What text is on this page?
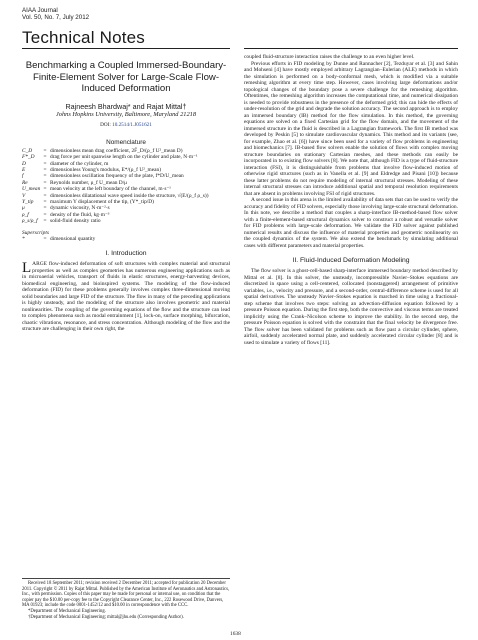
AIAA Journal
Vol. 50, No. 7, July 2012
Technical Notes
Benchmarking a Coupled Immersed-Boundary-Finite-Element Solver for Large-Scale Flow-Induced Deformation
Rajneesh Bhardwaj* and Rajat Mittal†
Johns Hopkins University, Baltimore, Maryland 21218
DOI: 10.2514/1.J051621
Nomenclature
C_D	= dimensionless mean drag coefficient, 2F̄_D/(ρ_f U²_mean D)
F*_D	= drag force per unit spanwise length on the cylinder and plate, N·m⁻¹
D	= diameter of the cylinder, m
E	= dimensionless Young's modulus, E*/(ρ_f U²_mean)
f	= dimensionless oscillation frequency of the plate, f*D/U_mean
Re	= Reynolds number, ρ_f U_mean D/μ
U_mean = mean velocity at the left boundary of the channel, m·s⁻¹
V	= dimensionless dilatational wave speed inside the structure, √(E/(ρ_f ρ_s))
Y_tip	= maximum Y displacement of the tip, (Y*_tip/D)
μ	= dynamic viscosity, N·m⁻²·s
ρ_f	= density of the fluid, kg·m⁻³
ρ_s/ρ_f	= solid-fluid density ratio
Superscripts
*	= dimensional quantity
I. Introduction

LARGE flow-induced deformation of soft structures with complex material and structural properties as well as complex geometries has numerous engineering applications such as in microaerial vehicles, transport of fluids in elastic structures, energy-harvesting devices, biomedical engineering, and bioinspired systems. The modeling of the flow-induced deformation (FID) for these problems generally involves complex three-dimensional moving solid boundaries and large FID of the structure. The flow in many of the preceding applications is highly unsteady, and the modeling of the structure also involves geometric and material nonlinearities. The coupling of the governing equations of the flow and the structure can lead to complex phenomena such as modal entrainment [1], lock-on, surface morphing, bifurcation, chaotic vibrations, resonance, and stress concentration. Although modeling of the flow and the structure are challenging in their own right, the

Received 18 September 2011; revision received 2 December 2011; accepted for publication 20 December 2011. Copyright © 2011 by Rajat Mittal. Published by the American Institute of Aeronautics and Astronautics, Inc., with permission. Copies of this paper may be made for personal or internal use, on condition that the copier pay the $10.00 per-copy fee to the Copyright Clearance Center, Inc., 222 Rosewood Drive, Danvers, MA 01923; include the code 0001-1452/12 and $10.00 in correspondence with the CCC.
*Department of Mechanical Engineering.
†Department of Mechanical Engineering; mittal@jhu.edu (Corresponding Author).

coupled fluid-structure interaction raises the challenge to an even higher level.

Previous efforts in FID modeling by Dunne and Rannacher [2], Tezduyar et al. [3] and Sahin and Mohseni [4] have mostly employed arbitrary Lagrangian–Eulerian (ALE) methods in which the simulation is performed on a body-conformal mesh, which is modified via a suitable remeshing algorithm at every time step. However, cases involving large deformations and/or topological changes of the boundary pose a severe challenge for the remeshing algorithm. Oftentimes, the remeshing algorithm increases the computational time, and numerical dissipation is needed to provide robustness in the presence of the deformed grid; this can hide the effects of under-resolution of the grid and degrade the solution accuracy. The second approach is to employ an immersed boundary (IB) method for the flow simulation. In this method, the governing equations are solved on a fixed Cartesian grid for the flow domain, and the movement of the immersed structure in the fluid is described in a Lagrangian framework. The first IB method was developed by Peskin [5] to simulate cardiovascular dynamics. This method and its variants (see, for example, Zhao et al. [6]) have since been used for a variety of flow problems in engineering and biomechanics [7]. IB-based flow solvers enable the solution of flows with complex moving structure boundaries on stationary Cartesian meshes, and these methods can easily be incorporated in to existing flow solvers [8]. We note that, although FID is a type of fluid-structure interaction (FSI), it is distinguishable from problems that involve flow-induced motion of otherwise rigid structures (such as in Vanella et al. [9] and Eldredge and Pisani [10]) because these latter problems do not require modeling of internal structural stresses. Modeling of these internal structural stresses can introduce additional spatial and temporal resolution requirements that are absent in problems involving FSI of rigid structures.

A second issue in this arena is the limited availability of data sets that can be used to verify the accuracy and fidelity of FID solvers, especially those involving large-scale structural deformation. In this note, we describe a method that couples a sharp-interface IB-method-based flow solver with a finite-element-based structural dynamics solver to construct a robust and versatile solver for FID problems with large-scale deformation. We validate the FID solver against published numerical results and discuss the influence of material properties and geometric nonlinearity on the coupled dynamics of the system. We also extend the benchmark by simulating additional cases with different parameters and material properties.

II. Fluid-Induced Deformation Modeling

The flow solver is a ghost-cell-based sharp-interface immersed boundary method described by Mittal et al. [8]. In this solver, the unsteady, incompressible Navier–Stokes equations are discretized in space using a cell-centered, collocated (nonstaggered) arrangement of primitive variables, i.e., velocity and pressure, and a second-order, central-difference scheme is used for all spatial derivatives. The unsteady Navier–Stokes equation is marched in time using a fractional-step scheme that involves two steps: solving an advection-diffusion equation followed by a pressure Poisson equation. During the first step, both the convective and viscous terms are treated implicitly using the Crank–Nicolson scheme to improve the stability. In the second step, the pressure Poisson equation is solved with the constraint that the final velocity be divergence free. The flow solver has been validated for problems such as flow past a circular cylinder, sphere, airfoil, suddenly accelerated normal plate, and suddenly accelerated circular cylinder [8] and is used to simulate a variety of flows [11].

1638
